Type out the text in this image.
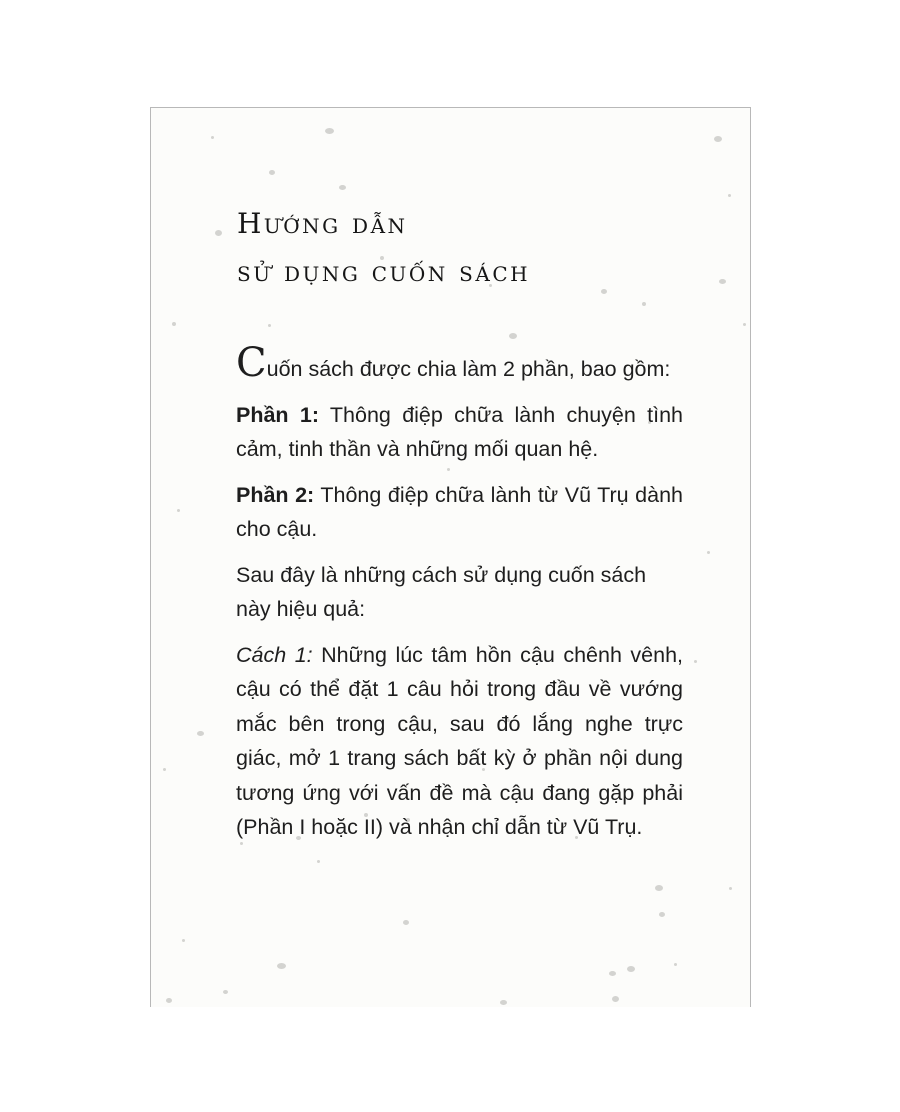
Hướng dẫn
sử dụng cuốn sách

Cuốn sách được chia làm 2 phần, bao gồm:

Phần 1: Thông điệp chữa lành chuyện tình cảm, tinh thần và những mối quan hệ.

Phần 2: Thông điệp chữa lành từ Vũ Trụ dành cho cậu.

Sau đây là những cách sử dụng cuốn sách này hiệu quả:

Cách 1: Những lúc tâm hồn cậu chênh vênh, cậu có thể đặt 1 câu hỏi trong đầu về vướng mắc bên trong cậu, sau đó lắng nghe trực giác, mở 1 trang sách bất kỳ ở phần nội dung tương ứng với vấn đề mà cậu đang gặp phải (Phần I hoặc II) và nhận chỉ dẫn từ Vũ Trụ.
